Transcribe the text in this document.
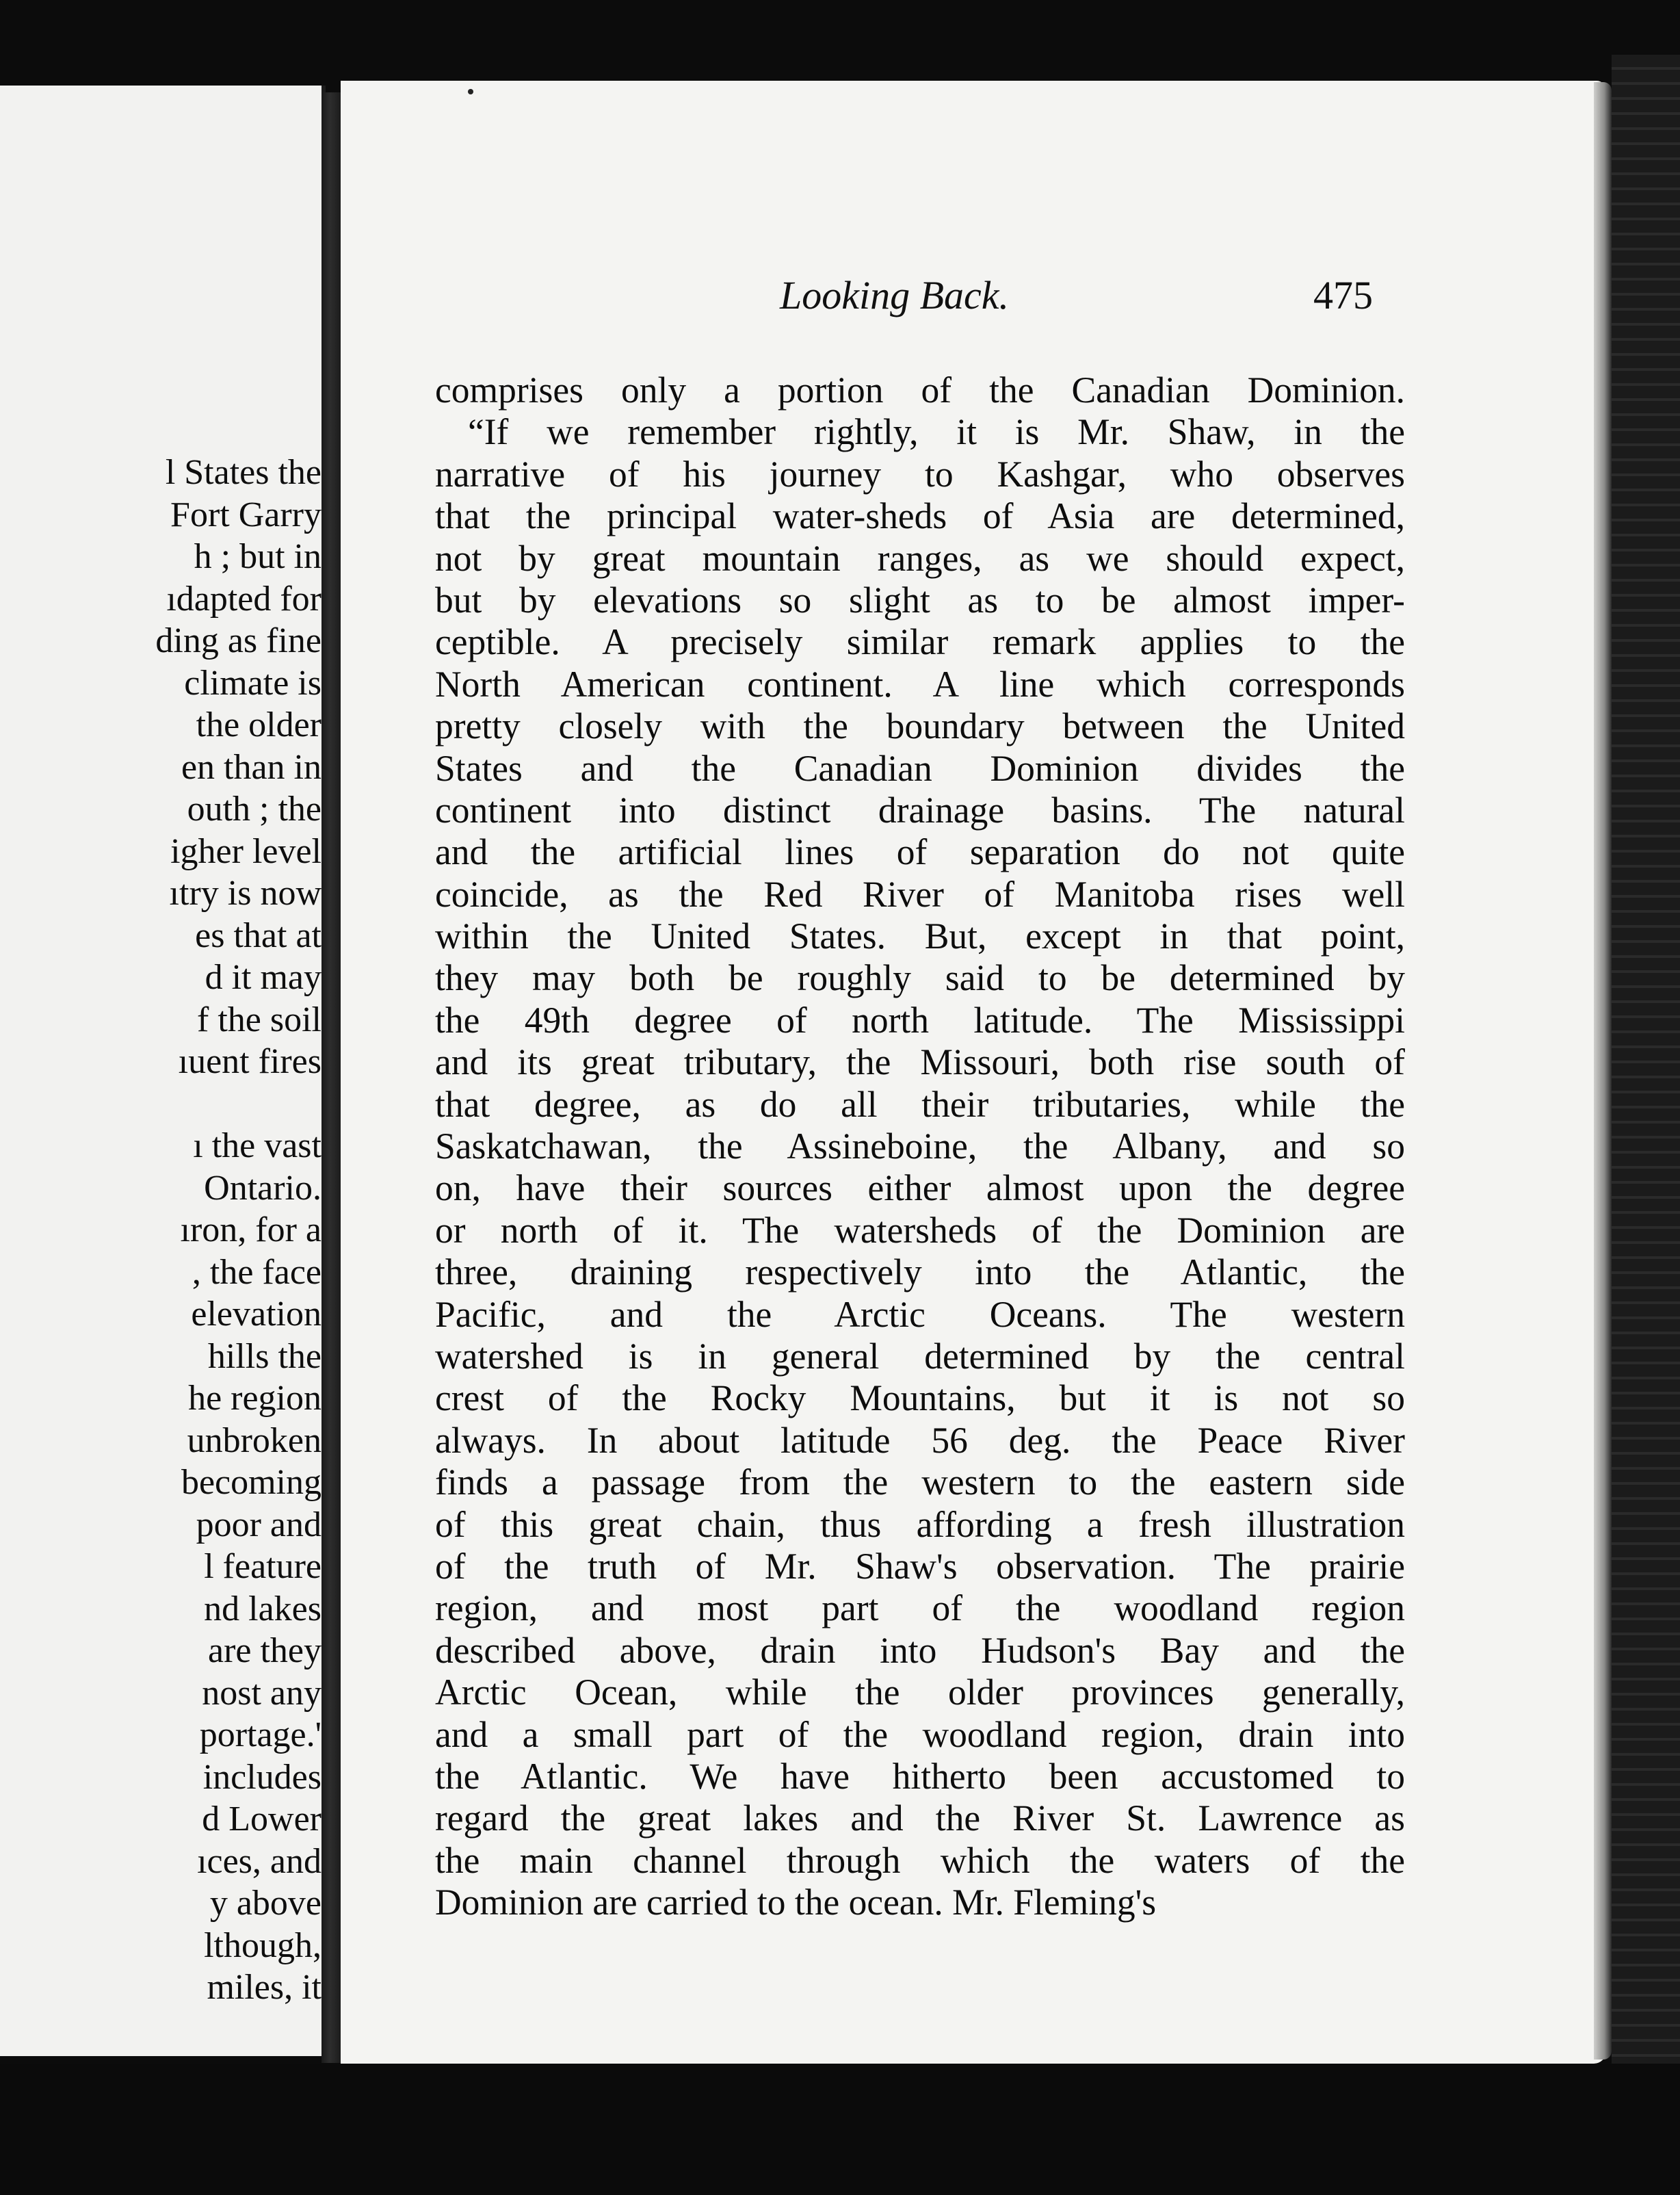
l States the
Fort Garry
h ; but in
ıdapted for
ding as fine
climate is
the older
en than in
outh ; the
igher level
ıtry is now
es that at
d it may
f the soil
ıuent fires
ı the vast
Ontario.
ıron, for a
, the face
elevation
hills the
he region
unbroken
becoming
poor and
l feature
nd lakes
are they
nost any
portage.'
includes
d Lower
ıces, and
y above
lthough,
miles, it
Looking Back.	475
comprises only a portion of the Canadian Dominion.
“If we remember rightly, it is Mr. Shaw, in the
narrative of his journey to Kashgar, who observes
that the principal water-sheds of Asia are determined,
not by great mountain ranges, as we should expect,
but by elevations so slight as to be almost imper-
ceptible. A precisely similar remark applies to the
North American continent. A line which corresponds
pretty closely with the boundary between the United
States and the Canadian Dominion divides the
continent into distinct drainage basins. The natural
and the artificial lines of separation do not quite
coincide, as the Red River of Manitoba rises well
within the United States. But, except in that point,
they may both be roughly said to be determined by
the 49th degree of north latitude. The Mississippi
and its great tributary, the Missouri, both rise south of
that degree, as do all their tributaries, while the
Saskatchawan, the Assineboine, the Albany, and so
on, have their sources either almost upon the degree
or north of it. The watersheds of the Dominion are
three, draining respectively into the Atlantic, the
Pacific, and the Arctic Oceans. The western
watershed is in general determined by the central
crest of the Rocky Mountains, but it is not so
always. In about latitude 56 deg. the Peace River
finds a passage from the western to the eastern side
of this great chain, thus affording a fresh illustration
of the truth of Mr. Shaw's observation. The prairie
region, and most part of the woodland region
described above, drain into Hudson's Bay and the
Arctic Ocean, while the older provinces generally,
and a small part of the woodland region, drain into
the Atlantic. We have hitherto been accustomed to
regard the great lakes and the River St. Lawrence as
the main channel through which the waters of the
Dominion are carried to the ocean. Mr. Fleming's
